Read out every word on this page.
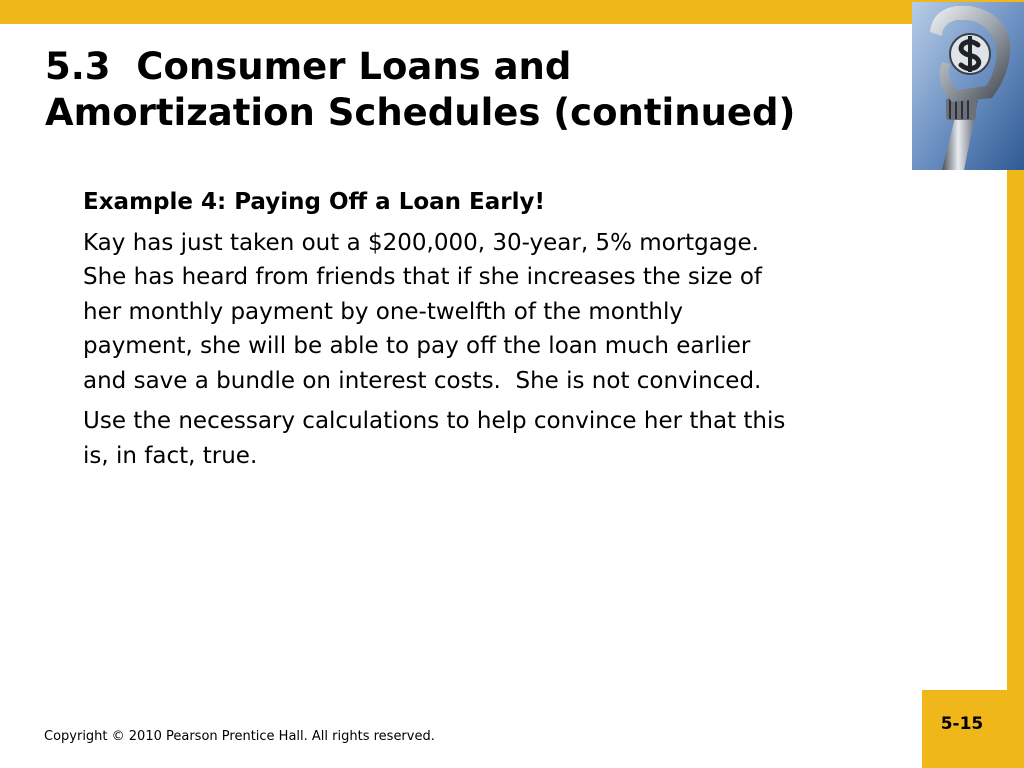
5.3  Consumer Loans and
Amortization Schedules (continued)

Example 4: Paying Off a Loan Early!

Kay has just taken out a $200,000, 30-year, 5% mortgage.
She has heard from friends that if she increases the size of
her monthly payment by one-twelfth of the monthly
payment, she will be able to pay off the loan much earlier
and save a bundle on interest costs.  She is not convinced.

Use the necessary calculations to help convince her that this
is, in fact, true.

Copyright © 2010 Pearson Prentice Hall. All rights reserved.
5-15
